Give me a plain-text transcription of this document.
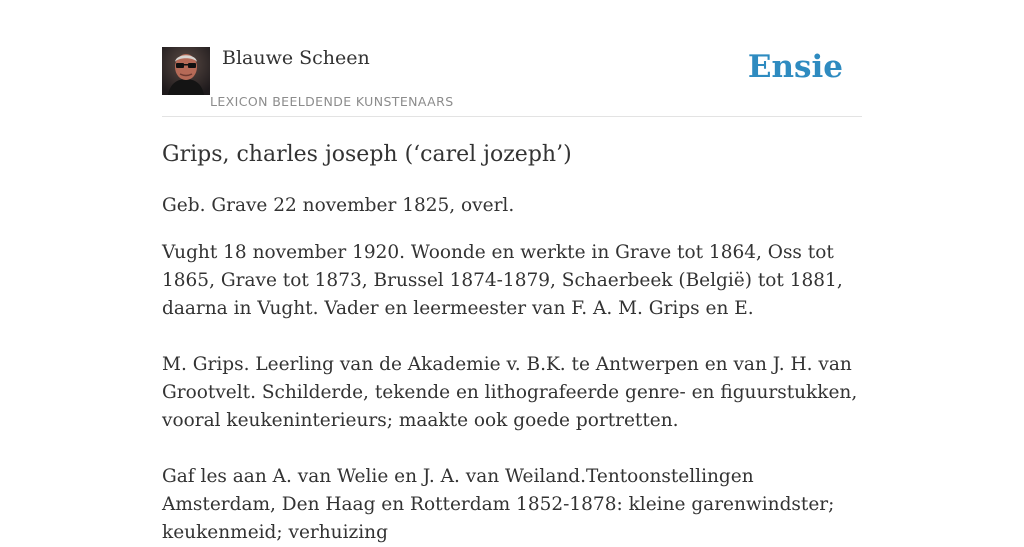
Blauwe Scheen
LEXICON BEELDENDE KUNSTENAARS
Ensie
Grips, charles joseph (‘carel jozeph’)

Geb. Grave 22 november 1825, overl.

Vught 18 november 1920. Woonde en werkte in Grave tot 1864, Oss tot 1865, Grave tot 1873, Brussel 1874-1879, Schaerbeek (België) tot 1881, daarna in Vught. Vader en leermeester van F. A. M. Grips en E.

M. Grips. Leerling van de Akademie v. B.K. te Antwerpen en van J. H. van Grootvelt. Schilderde, tekende en lithografeerde genre- en figuurstukken, vooral keukeninterieurs; maakte ook goede portretten.

Gaf les aan A. van Welie en J. A. van Weiland.Tentoonstellingen Amsterdam, Den Haag en Rotterdam 1852-1878: kleine garenwindster; keukenmeid; verhuizing
